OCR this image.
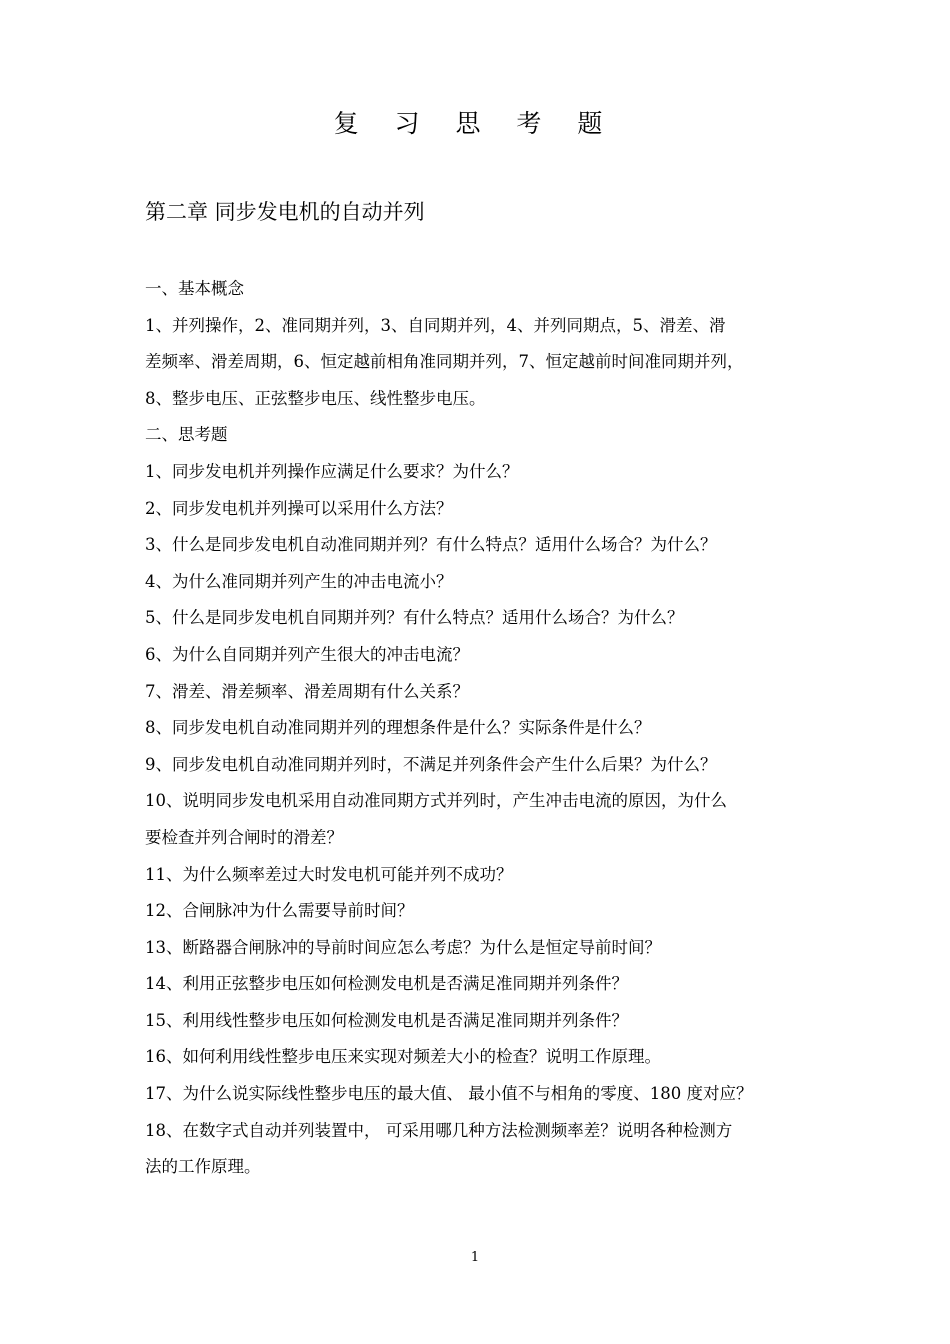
复 习 思 考 题
第二章 同步发电机的自动并列
一、基本概念
1、并列操作，2、准同期并列，3、自同期并列，4、并列同期点，5、滑差、滑
差频率、滑差周期，6、恒定越前相角准同期并列，7、恒定越前时间准同期并列，
8、整步电压、正弦整步电压、线性整步电压。
二、思考题
1、同步发电机并列操作应满足什么要求？为什么？
2、同步发电机并列操可以采用什么方法？
3、什么是同步发电机自动准同期并列？有什么特点？适用什么场合？为什么？
4、为什么准同期并列产生的冲击电流小？
5、什么是同步发电机自同期并列？有什么特点？适用什么场合？为什么？
6、为什么自同期并列产生很大的冲击电流？
7、滑差、滑差频率、滑差周期有什么关系？
8、同步发电机自动准同期并列的理想条件是什么？实际条件是什么？
9、同步发电机自动准同期并列时，不满足并列条件会产生什么后果？为什么？
10、说明同步发电机采用自动准同期方式并列时，产生冲击电流的原因，为什么
要检查并列合闸时的滑差？
11、为什么频率差过大时发电机可能并列不成功？
12、合闸脉冲为什么需要导前时间？
13、断路器合闸脉冲的导前时间应怎么考虑？为什么是恒定导前时间？
14、利用正弦整步电压如何检测发电机是否满足准同期并列条件？
15、利用线性整步电压如何检测发电机是否满足准同期并列条件？
16、如何利用线性整步电压来实现对频差大小的检查？说明工作原理。
17、为什么说实际线性整步电压的最大值、 最小值不与相角的零度、180 度对应？
18、在数字式自动并列装置中， 可采用哪几种方法检测频率差？说明各种检测方
法的工作原理。
1
